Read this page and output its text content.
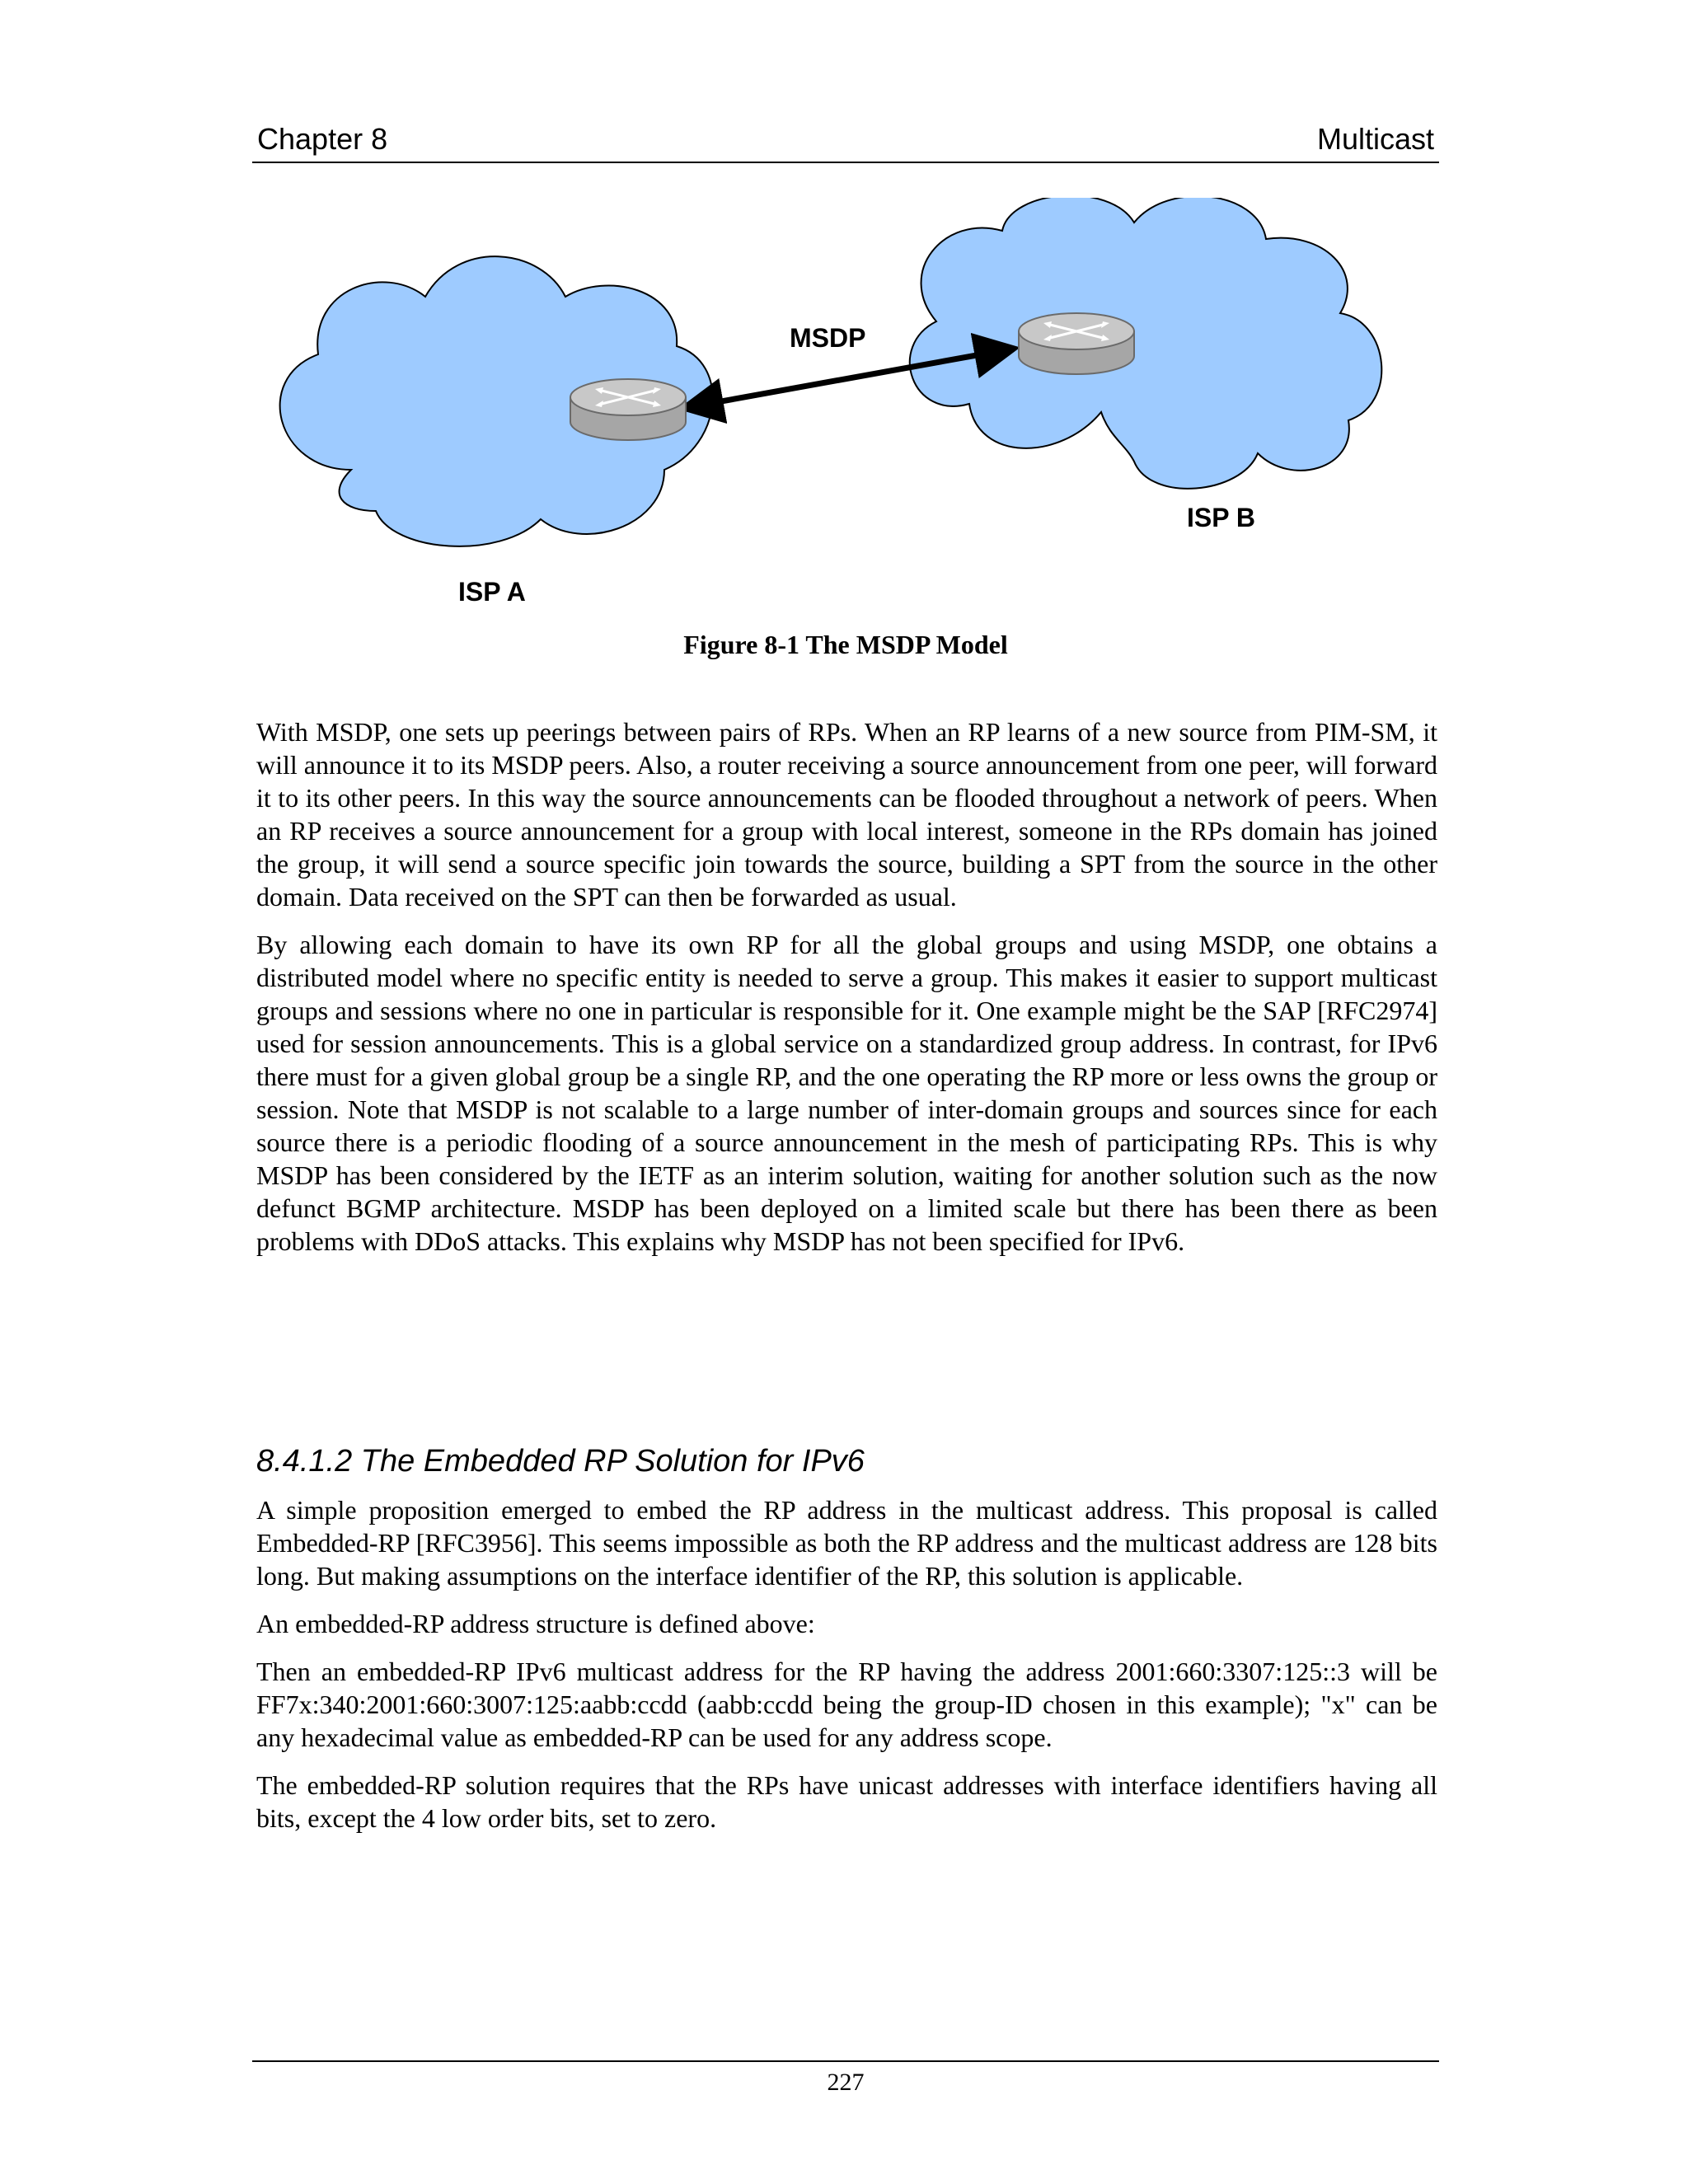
Chapter 8	Multicast
MSDP
ISP B
ISP A
Figure 8-1 The MSDP Model

With MSDP, one sets up peerings between pairs of RPs. When an RP learns of a new source from PIM-SM, it will announce it to its MSDP peers. Also, a router receiving a source announcement from one peer, will forward it to its other peers. In this way the source announcements can be flooded throughout a network of peers. When an RP receives a source announcement for a group with local interest, someone in the RPs domain has joined the group, it will send a source specific join towards the source, building a SPT from the source in the other domain. Data received on the SPT can then be forwarded as usual.

By allowing each domain to have its own RP for all the global groups and using MSDP, one obtains a distributed model where no specific entity is needed to serve a group. This makes it easier to support multicast groups and sessions where no one in particular is responsible for it. One example might be the SAP [RFC2974] used for session announcements. This is a global service on a standardized group address. In contrast, for IPv6 there must for a given global group be a single RP, and the one operating the RP more or less owns the group or session. Note that MSDP is not scalable to a large number of inter-domain groups and sources since for each source there is a periodic flooding of a source announcement in the mesh of participating RPs. This is why MSDP has been considered by the IETF as an interim solution, waiting for another solution such as the now defunct BGMP architecture. MSDP has been deployed on a limited scale but there has been there as been problems with DDoS attacks. This explains why MSDP has not been specified for IPv6.

8.4.1.2 The Embedded RP Solution for IPv6

A simple proposition emerged to embed the RP address in the multicast address. This proposal is called Embedded-RP [RFC3956]. This seems impossible as both the RP address and the multicast address are 128 bits long. But making assumptions on the interface identifier of the RP, this solution is applicable.

An embedded-RP address structure is defined above:

Then an embedded-RP IPv6 multicast address for the RP having the address 2001:660:3307:125::3 will be FF7x:340:2001:660:3007:125:aabb:ccdd (aabb:ccdd being the group-ID chosen in this example); "x" can be any hexadecimal value as embedded-RP can be used for any address scope.

The embedded-RP solution requires that the RPs have unicast addresses with interface identifiers having all bits, except the 4 low order bits, set to zero.

227
